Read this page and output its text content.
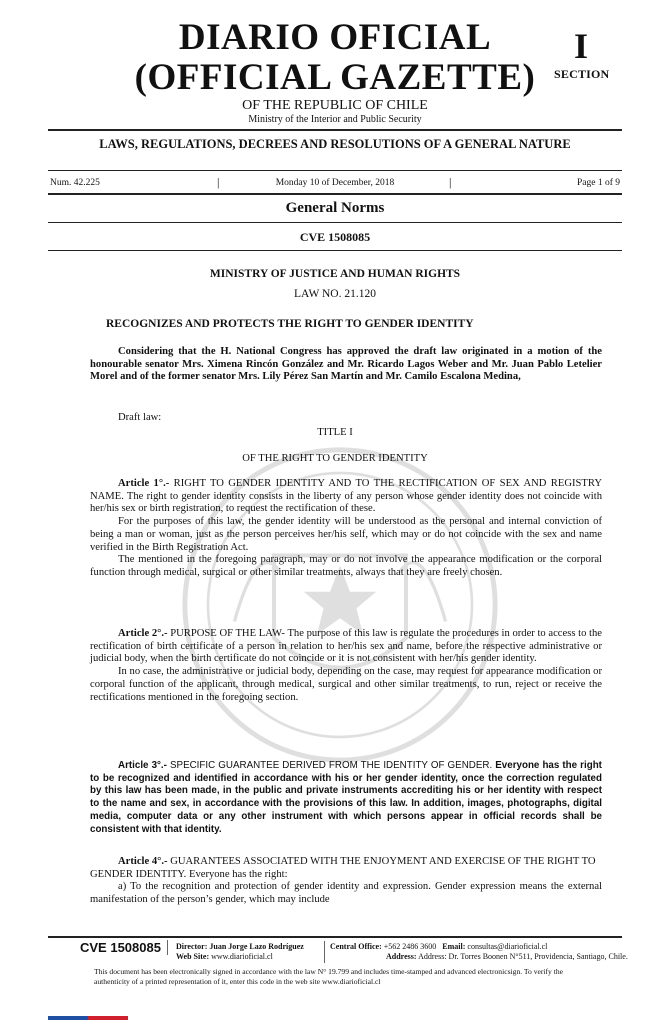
DIARIO OFICIAL
(OFFICIAL GAZETTE)
I
SECTION
OF THE REPUBLIC OF CHILE
Ministry of the Interior and Public Security
LAWS, REGULATIONS, DECREES AND RESOLUTIONS OF A GENERAL NATURE
Num. 42.225	|	Monday 10 of December, 2018	|	Page 1 of 9
General Norms
CVE 1508085
MINISTRY OF JUSTICE AND HUMAN RIGHTS
LAW NO. 21.120
RECOGNIZES AND PROTECTS THE RIGHT TO GENDER IDENTITY

Considering that the H. National Congress has approved the draft law originated in a motion of the honourable senator Mrs. Ximena Rincón González and Mr. Ricardo Lagos Weber and Mr. Juan Pablo Letelier Morel and of the former senator Mrs. Lily Pérez San Martín and Mr. Camilo Escalona Medina,

Draft law:
TITLE I
OF THE RIGHT TO GENDER IDENTITY

Article 1°.- RIGHT TO GENDER IDENTITY AND TO THE RECTIFICATION OF SEX AND REGISTRY NAME. The right to gender identity consists in the liberty of any person whose gender identity does not coincide with her/his sex or birth registration, to request the rectification of these.

For the purposes of this law, the gender identity will be understood as the personal and internal conviction of being a man or woman, just as the person perceives her/his self, which may or do not coincide with the sex and name verified in the Birth Registration Act.

The mentioned in the foregoing paragraph, may or do not involve the appearance modification or the corporal function through medical, surgical or other similar treatments, always that they are freely chosen.

Article 2°.- PURPOSE OF THE LAW- The purpose of this law is regulate the procedures in order to access to the rectification of birth certificate of a person in relation to her/his sex and name, before the respective administrative or judicial body, when the birth certificate do not coincide or it is not consistent with her/his gender identity.

In no case, the administrative or judicial body, depending on the case, may request for appearance modification or corporal function of the applicant, through medical, surgical and other similar treatments, to run, reject or receive the rectifications mentioned in the foregoing section.

Article 3°.- SPECIFIC GUARANTEE DERIVED FROM THE IDENTITY OF GENDER. Everyone has the right to be recognized and identified in accordance with his or her gender identity, once the correction regulated by this law has been made, in the public and private instruments accrediting his or her identity with respect to the name and sex, in accordance with the provisions of this law. In addition, images, photographs, digital media, computer data or any other instrument with which persons appear in official records shall be consistent with that identity.

Article 4°.- GUARANTEES ASSOCIATED WITH THE ENJOYMENT AND EXERCISE OF THE RIGHT TO

GENDER IDENTITY. Everyone has the right:

a) To the recognition and protection of gender identity and expression. Gender expression means the external manifestation of the person’s gender, which may include

CVE 1508085	Director: Juan Jorge Lazo Rodríguez
Web Site: www.diarioficial.cl
Central Office: +562 2486 3600 Email: consultas@diarioficial.cl
Address: Address: Dr. Torres Boonen N°511, Providencia, Santiago, Chile.
This document has been electronically signed in accordance with the law N° 19.799 and includes time-stamped and advanced electronicsign. To verify the authenticity of a printed representation of it, enter this code in the web site www.diarioficial.cl
